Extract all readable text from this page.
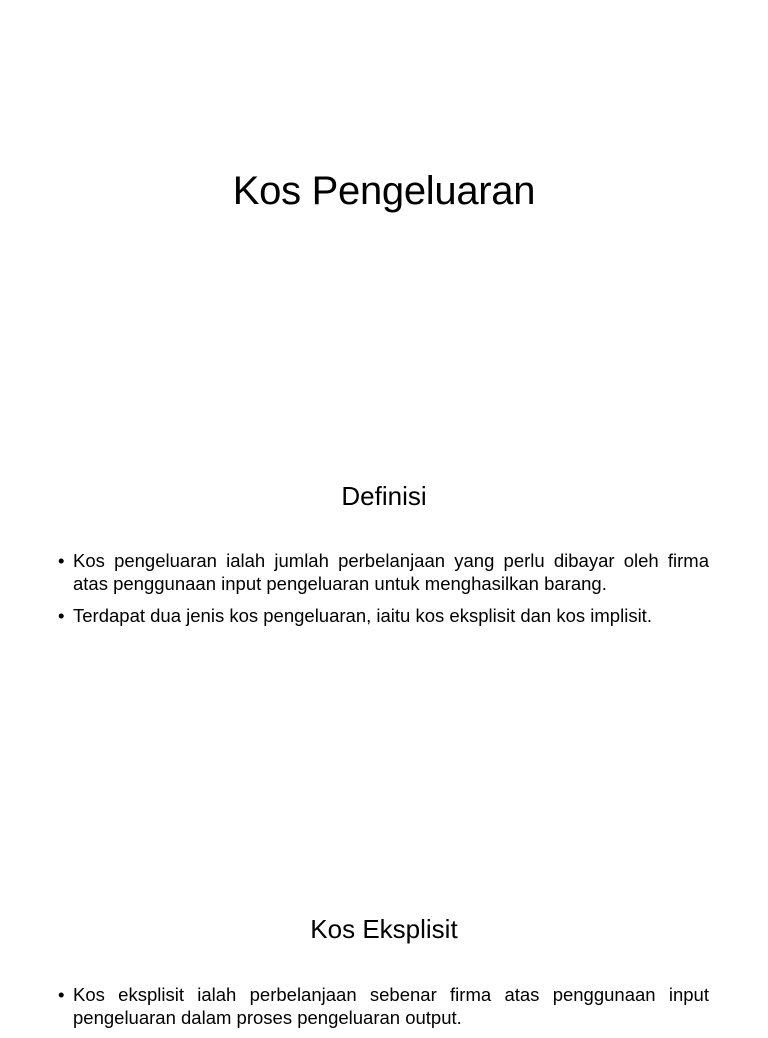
Kos Pengeluaran
Definisi
• Kos pengeluaran ialah jumlah perbelanjaan yang perlu dibayar oleh firma atas penggunaan input pengeluaran untuk menghasilkan barang.
• Terdapat dua jenis kos pengeluaran, iaitu kos eksplisit dan kos implisit.
Kos Eksplisit
• Kos eksplisit ialah perbelanjaan sebenar firma atas penggunaan input pengeluaran dalam proses pengeluaran output.
